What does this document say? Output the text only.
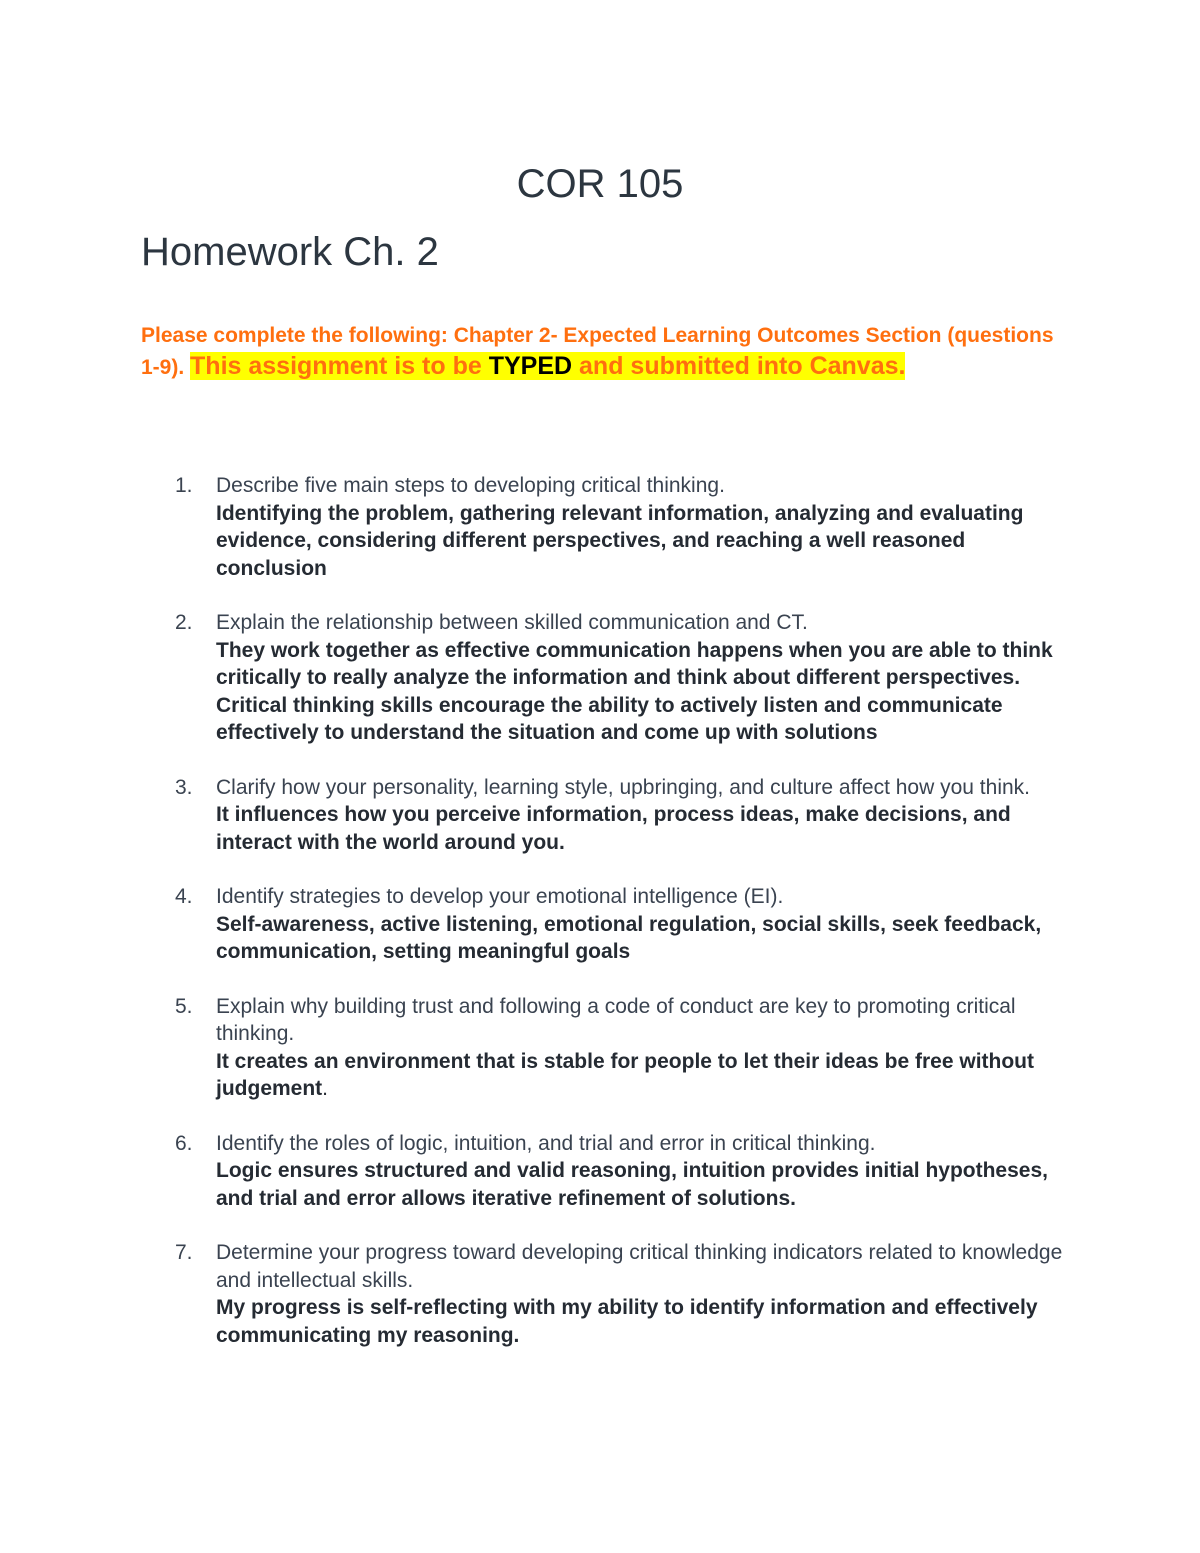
COR 105
Homework Ch. 2
Please complete the following: Chapter 2- Expected Learning Outcomes Section (questions 1-9). This assignment is to be TYPED and submitted into Canvas.
1. Describe five main steps to developing critical thinking.
Identifying the problem, gathering relevant information, analyzing and evaluating evidence, considering different perspectives, and reaching a well reasoned conclusion
2. Explain the relationship between skilled communication and CT.
They work together as effective communication happens when you are able to think critically to really analyze the information and think about different perspectives. Critical thinking skills encourage the ability to actively listen and communicate effectively to understand the situation and come up with solutions
3. Clarify how your personality, learning style, upbringing, and culture affect how you think.
It influences how you perceive information, process ideas, make decisions, and interact with the world around you.
4. Identify strategies to develop your emotional intelligence (EI).
Self-awareness, active listening, emotional regulation, social skills, seek feedback, communication, setting meaningful goals
5. Explain why building trust and following a code of conduct are key to promoting critical thinking.
It creates an environment that is stable for people to let their ideas be free without judgement.
6. Identify the roles of logic, intuition, and trial and error in critical thinking.
Logic ensures structured and valid reasoning, intuition provides initial hypotheses, and trial and error allows iterative refinement of solutions.
7. Determine your progress toward developing critical thinking indicators related to knowledge and intellectual skills.
My progress is self-reflecting with my ability to identify information and effectively communicating my reasoning.
